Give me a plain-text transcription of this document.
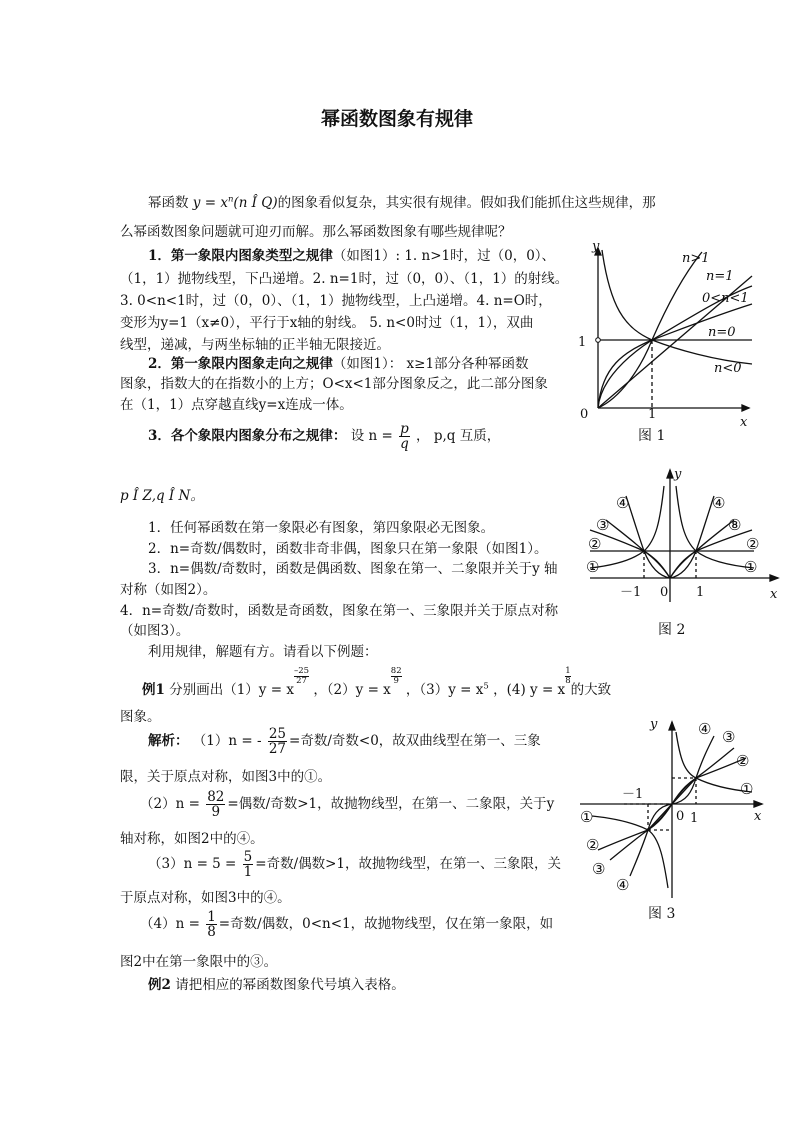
幂函数图象有规律
幂函数 $y = x^n(n$ Î Q)的图象看似复杂，其实很有规律。假如我们能抓住这些规律，那
么幂函数图象问题就可迎刃而解。那么幂函数图象有哪些规律呢？
1．第一象限内图象类型之规律（如图1）: 1. n>1时，过（0，0）、
（1，1）抛物线型，下凸递增。2. n=1时，过（0，0）、（1，1）的射线。
3. 0<n<1时，过（0，0）、（1，1）抛物线型，上凸递增。4. n=O时，
变形为y=1（x≠0），平行于x轴的射线。 5. n<0时过（1，1），双曲
线型，递减，与两坐标轴的正半轴无限接近。
2．第一象限内图象走向之规律（如图1）： x≥1部分各种幂函数
图象，指数大的在指数小的上方；O<x<1部分图象反之，此二部分图象
在（1，1）点穿越直线y=x连成一体。
3．各个象限内图象分布之规律： 设 $n = \frac{p}{q}$ ， p,q 互质，
p Î Z,q Î N。
1．任何幂函数在第一象限必有图象，第四象限必无图象。
2．n=奇数/偶数时，函数非奇非偶，图象只在第一象限（如图1）。
3．n=偶数/奇数时，函数是偶函数、图象在第一、二象限并关于y 轴
对称（如图2）。
4．n=奇数/奇数时，函数是奇函数，图象在第一、三象限并关于原点对称
（如图3）。
利用规律，解题有方。请看以下例题：
例1 分别画出（1）y = x
$\frac{-25}{27}$
，（2）y = x
$\frac{82}{9}$
，$(3)y = x^5$ ，(4) y = x
$\frac{1}{8}$
的大致
图象。
解析： （1）n = - $\frac{25}{27}$ =奇数/奇数<0，故双曲线型在第一、三象
限，关于原点对称，如图3中的①。
$(2)n = \frac{82}{9}$ =偶数/奇数>1，故抛物线型，在第一、二象限，关于y
轴对称，如图2中的④。
$(3)n = 5 = \frac{5}{1}$ =奇数/偶数>1，故抛物线型，在第一、三象限，关
于原点对称，如图3中的④。
$(4)n = \frac{1}{8}$ =奇数/偶数，0<n<1，故抛物线型，仅在第一象限，如
图2中在第一象限中的③。
例2 请把相应的幂函数图象代号填入表格。
y
x
n>1
n=1
0<n<1
n=0
n<0
0	1
1
图 1
④
③
②
①
④
⑧
②
①
y
x
－1 0 1
图 2
④ ③
②
①
①
②
③
④
y
x
－1
0 1
图 3
